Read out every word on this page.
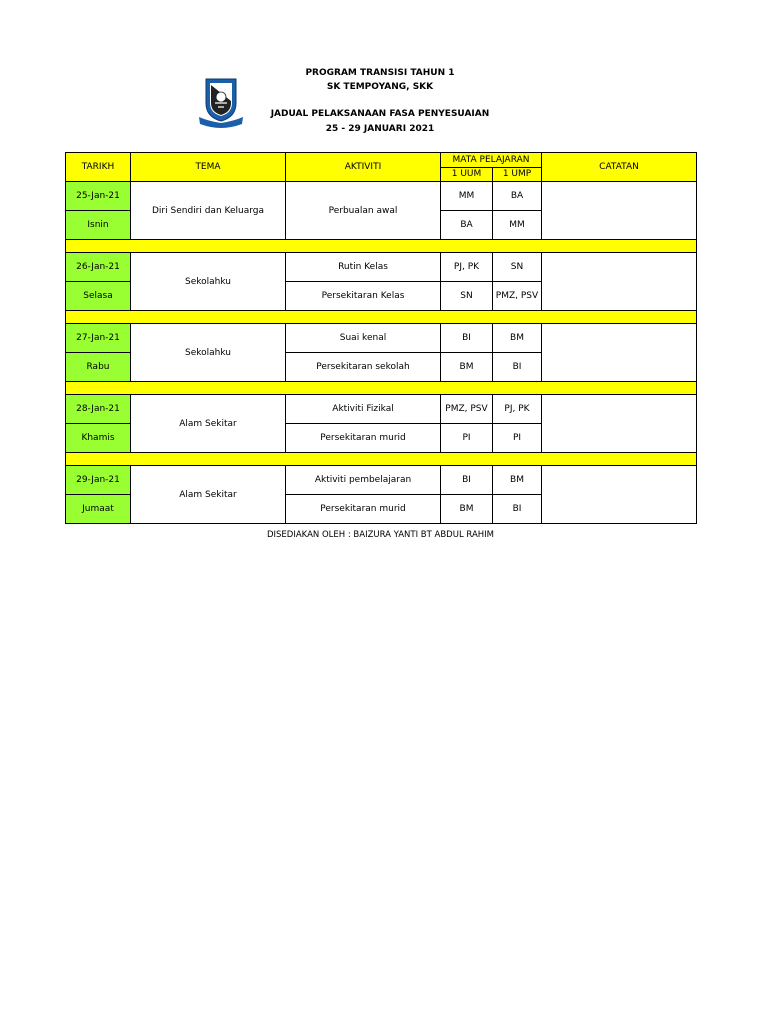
PROGRAM TRANSISI TAHUN 1
SK TEMPOYANG, SKK
JADUAL PELAKSANAAN FASA PENYESUAIAN
25 - 29 JANUARI 2021
TARIKH	TEMA	AKTIVITI	MATA PELAJARAN		CATATAN
			1 UUM	1 UMP	
25-Jan-21	Diri Sendiri dan Keluarga	Perbualan awal	MM	BA	
Isnin			BA	MM	

26-Jan-21	Sekolahku	Rutin Kelas	PJ, PK	SN	
Selasa		Persekitaran Kelas	SN	PMZ, PSV	

27-Jan-21	Sekolahku	Suai kenal	BI	BM	
Rabu		Persekitaran sekolah	BM	BI	

28-Jan-21	Alam Sekitar	Aktiviti Fizikal	PMZ, PSV	PJ, PK	
Khamis		Persekitaran murid	PI	PI	

29-Jan-21	Alam Sekitar	Aktiviti pembelajaran	BI	BM	
Jumaat		Persekitaran murid	BM	BI	
DISEDIAKAN OLEH : BAIZURA YANTI BT ABDUL RAHIM
